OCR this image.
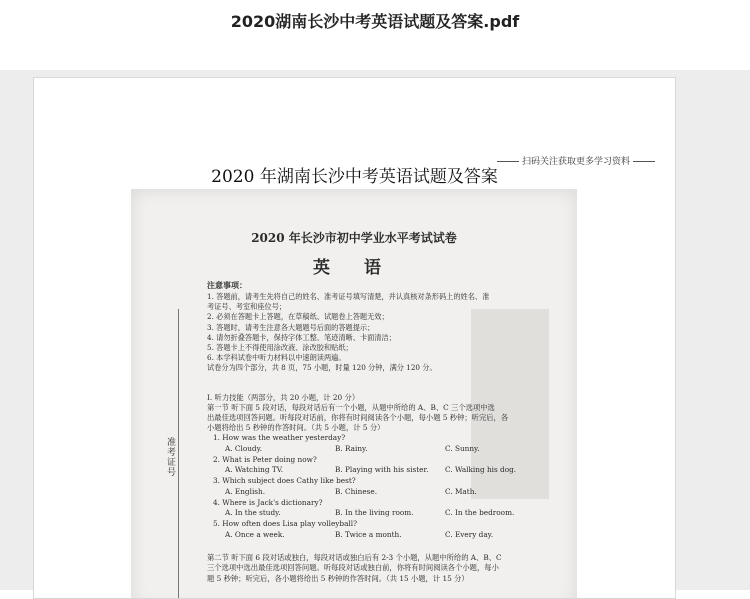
2020湖南长沙中考英语试题及答案.pdf
扫码关注获取更多学习资料
2020 年湖南长沙中考英语试题及答案
准考证号
2020 年长沙市初中学业水平考试试卷
英 语
注意事项：
1. 答题前，请考生先将自己的姓名、准考证号填写清楚，并认真核对条形码上的姓名、准
考证号、考室和座位号；
2. 必须在答题卡上答题，在草稿纸、试题卷上答题无效；
3. 答题时，请考生注意各大题题号后面的答题提示；
4. 请勿折叠答题卡，保持字体工整、笔迹清晰、卡面清洁；
5. 答题卡上不得使用涂改液、涂改胶和贴纸；
6. 本学科试卷中听力材料以中速朗读两遍。
试卷分为四个部分，共 8 页，75 小题，时量 120 分钟，满分 120 分。
I. 听力技能（两部分，共 20 小题，计 20 分）
第一节 听下面 5 段对话，每段对话后有一个小题，从题中所给的 A、B、C 三个选项中选
出最佳选项回答问题。听每段对话前，你将有时间阅读各个小题，每小题 5 秒钟；听完后，各
小题将给出 5 秒钟的作答时间。（共 5 小题，计 5 分）
1. How was the weather yesterday?
A. Cloudy.	B. Rainy.	C. Sunny.
2. What is Peter doing now?
A. Watching TV.	B. Playing with his sister. C. Walking his dog.
3. Which subject does Cathy like best?
A. English.	B. Chinese.	C. Math.
4. Where is Jack's dictionary?
A. In the study.	B. In the living room.	C. In the bedroom.
5. How often does Lisa play volleyball?
A. Once a week.	B. Twice a month.	C. Every day.
第二节 听下面 6 段对话或独白，每段对话或独白后有 2-3 个小题，从题中所给的 A、B、C
三个选项中选出最佳选项回答问题。听每段对话或独白前，你将有时间阅读各个小题，每小
题 5 秒钟；听完后，各小题将给出 5 秒钟的作答时间。（共 15 小题，计 15 分）
